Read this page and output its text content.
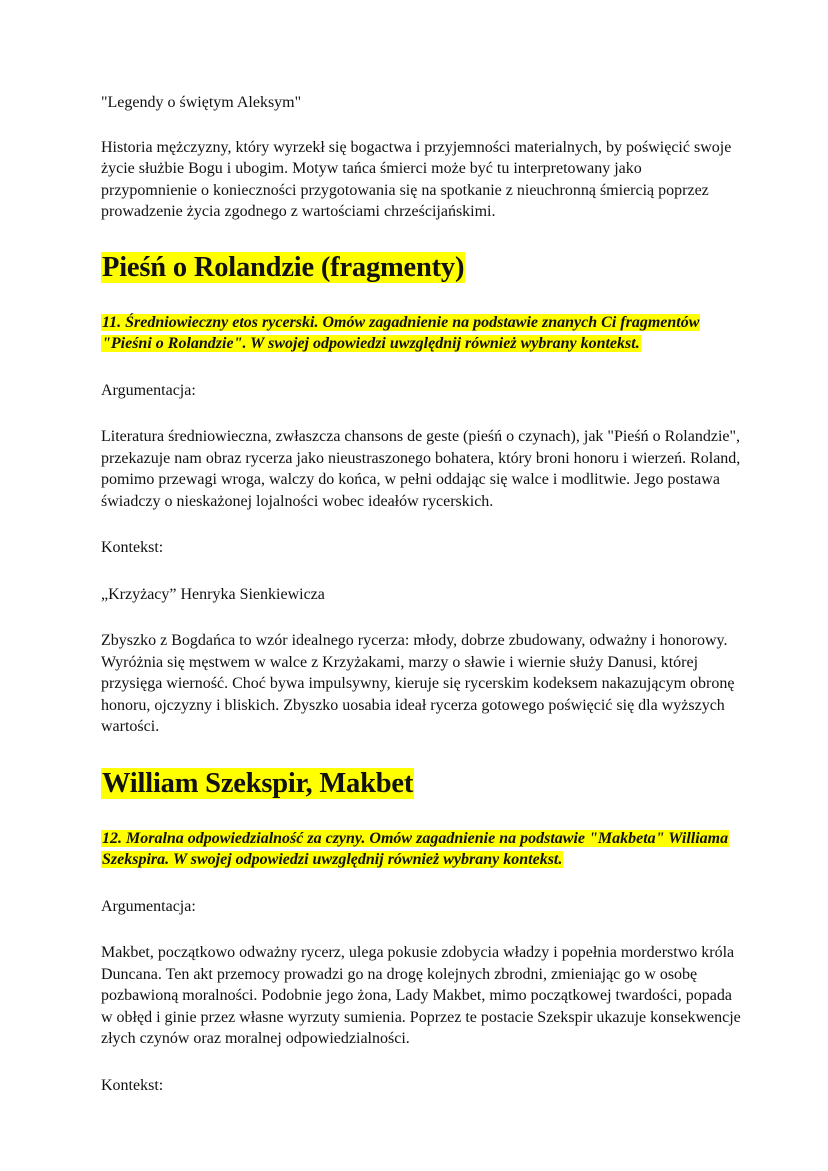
"Legendy o świętym Aleksym"

Historia mężczyzny, który wyrzekł się bogactwa i przyjemności materialnych, by poświęcić swoje życie służbie Bogu i ubogim. Motyw tańca śmierci może być tu interpretowany jako przypomnienie o konieczności przygotowania się na spotkanie z nieuchronną śmiercią poprzez prowadzenie życia zgodnego z wartościami chrześcijańskimi.

Pieśń o Rolandzie (fragmenty)

11. Średniowieczny etos rycerski. Omów zagadnienie na podstawie znanych Ci fragmentów "Pieśni o Rolandzie". W swojej odpowiedzi uwzględnij również wybrany kontekst.

Argumentacja:

Literatura średniowieczna, zwłaszcza chansons de geste (pieśń o czynach), jak "Pieśń o Rolandzie", przekazuje nam obraz rycerza jako nieustraszonego bohatera, który broni honoru i wierzeń. Roland, pomimo przewagi wroga, walczy do końca, w pełni oddając się walce i modlitwie. Jego postawa świadczy o nieskażonej lojalności wobec ideałów rycerskich.

Kontekst:

„Krzyżacy” Henryka Sienkiewicza

Zbyszko z Bogdańca to wzór idealnego rycerza: młody, dobrze zbudowany, odważny i honorowy. Wyróżnia się męstwem w walce z Krzyżakami, marzy o sławie i wiernie służy Danusi, której przysięga wierność. Choć bywa impulsywny, kieruje się rycerskim kodeksem nakazującym obronę honoru, ojczyzny i bliskich. Zbyszko uosabia ideał rycerza gotowego poświęcić się dla wyższych wartości.

William Szekspir, Makbet

12. Moralna odpowiedzialność za czyny. Omów zagadnienie na podstawie "Makbeta" Williama Szekspira. W swojej odpowiedzi uwzględnij również wybrany kontekst.

Argumentacja:

Makbet, początkowo odważny rycerz, ulega pokusie zdobycia władzy i popełnia morderstwo króla Duncana. Ten akt przemocy prowadzi go na drogę kolejnych zbrodni, zmieniając go w osobę pozbawioną moralności. Podobnie jego żona, Lady Makbet, mimo początkowej twardości, popada w obłęd i ginie przez własne wyrzuty sumienia. Poprzez te postacie Szekspir ukazuje konsekwencje złych czynów oraz moralnej odpowiedzialności.

Kontekst:
